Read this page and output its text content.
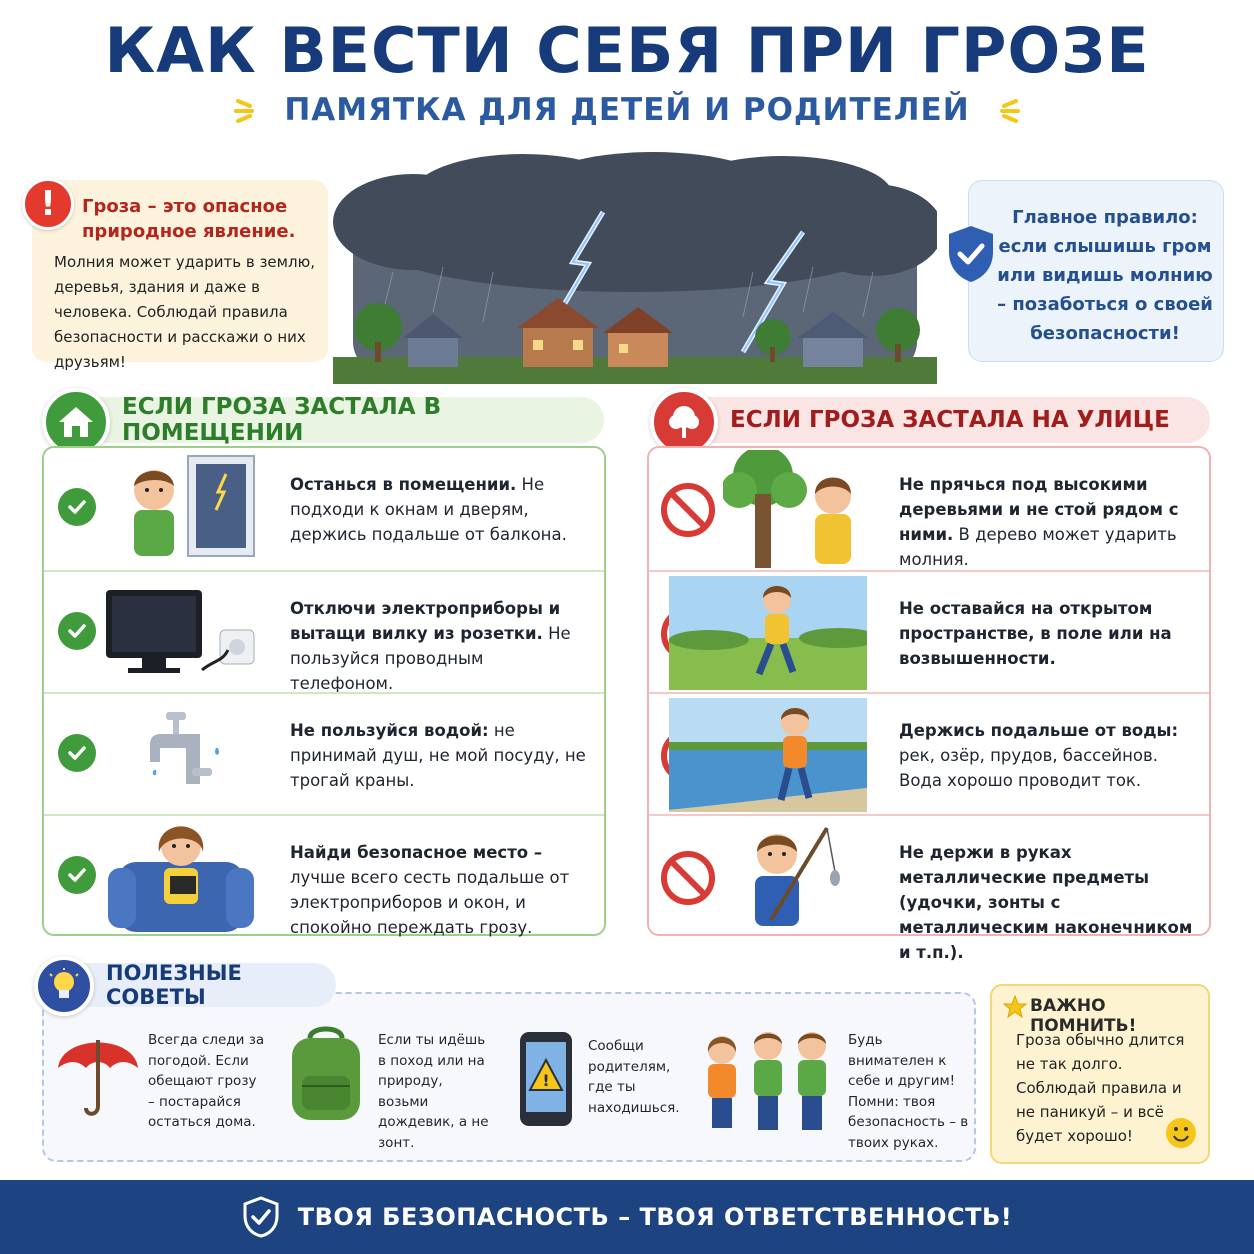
КАК ВЕСТИ СЕБЯ ПРИ ГРОЗЕ
ПАМЯТКА ДЛЯ ДЕТЕЙ И РОДИТЕЛЕЙ
Гроза – это опасное природное явление.
Молния может ударить в землю, деревья, здания и даже в человека. Соблюдай правила безопасности и расскажи о них друзьям!
!	Главное правило: если слышишь гром или видишь молнию – позаботься о своей безопасности!
ЕСЛИ ГРОЗА ЗАСТАЛА В ПОМЕЩЕНИИ	ЕСЛИ ГРОЗА ЗАСТАЛА НА УЛИЦЕ
Останься в помещении. Не подходи к окнам и дверям, держись подальше от балкона.
Отключи электроприборы и вытащи вилку из розетки. Не пользуйся проводным телефоном.
Не пользуйся водой: не принимай душ, не мой посуду, не трогай краны.
Найди безопасное место – лучше всего сесть подальше от электроприборов и окон, и спокойно переждать грозу.
Не прячься под высокими деревьями и не стой рядом с ними. В дерево может ударить молния.
Не оставайся на открытом пространстве, в поле или на возвышенности.
Держись подальше от воды: рек, озёр, прудов, бассейнов. Вода хорошо проводит ток.
Не держи в руках металлические предметы (удочки, зонты с металлическим наконечником и т.п.).
Всегда следи за погодой. Если обещают грозу – постарайся остаться дома.
Если ты идёшь в поход или на природу, возьми дождевик, а не зонт.
!
Сообщи родителям, где ты находишься.
Будь внимателен к себе и другим! Помни: твоя безопасность – в твоих руках.
ПОЛЕЗНЫЕ СОВЕТЫ	ВАЖНО ПОМНИТЬ!
Гроза обычно длится не так долго. Соблюдай правила и не паникуй – и всё будет хорошо!
ТВОЯ БЕЗОПАСНОСТЬ – ТВОЯ ОТВЕТСТВЕННОСТЬ!
